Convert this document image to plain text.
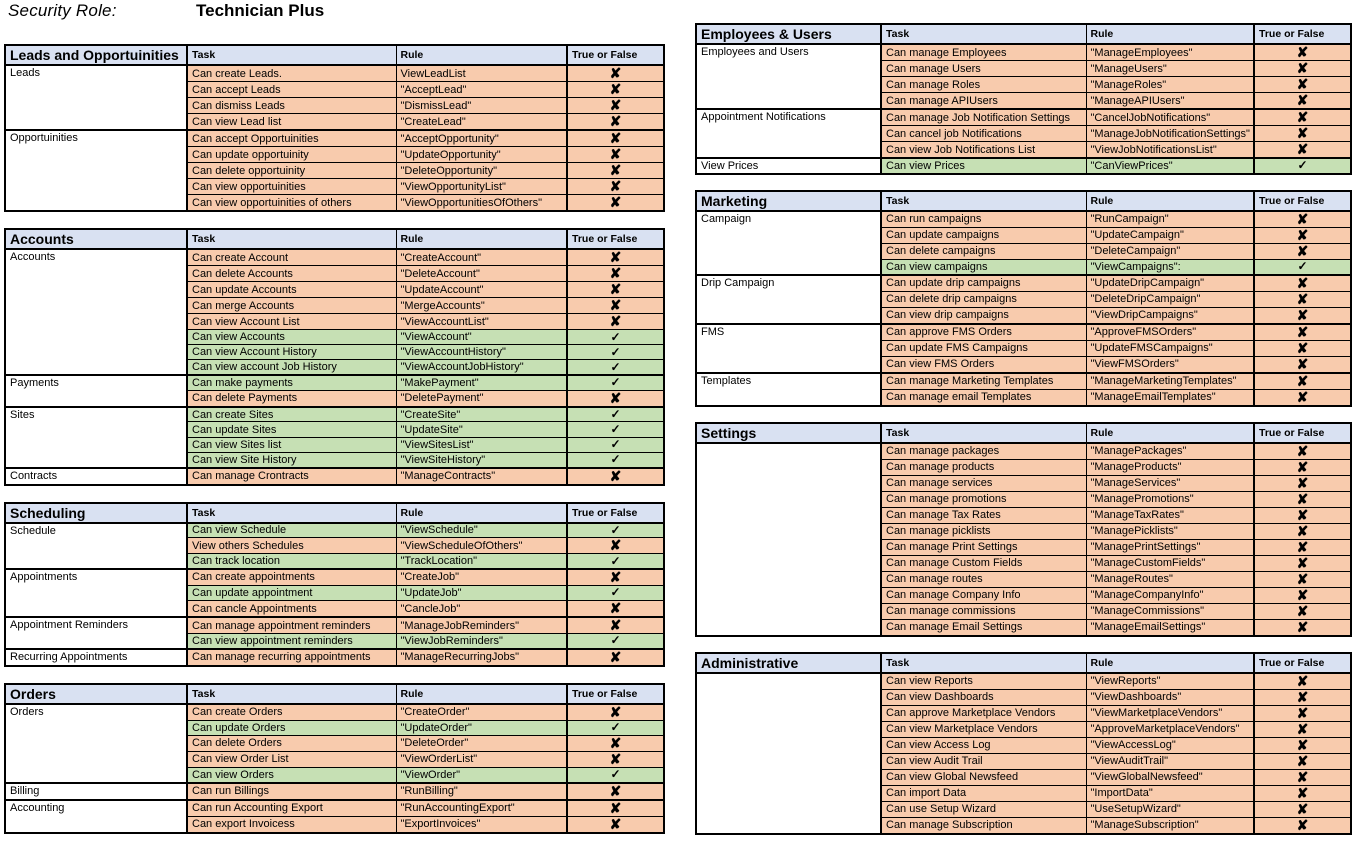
Security Role:	Technician Plus
Leads and Opportuinities	Task	Rule	True or False
Leads	Can create Leads.	ViewLeadList	✘
	Can accept Leads	"AcceptLead"	✘
	Can dismiss Leads	"DismissLead"	✘
	Can view Lead list	"CreateLead"	✘
Opportuinities	Can accept Opportuinities	"AcceptOpportunity"	✘
	Can update opportuinity	"UpdateOpportunity"	✘
	Can delete opportuinity	"DeleteOpportunity"	✘
	Can view opportuinities	"ViewOpportunityList"	✘
	Can view opportuinities of others	"ViewOpportunitiesOfOthers"	✘
Accounts	Task	Rule	True or False
Accounts	Can create Account	"CreateAccount"	✘
	Can delete Accounts	"DeleteAccount"	✘
	Can update Accounts	"UpdateAccount"	✘
	Can merge Accounts	"MergeAccounts"	✘
	Can view Account List	"ViewAccountList"	✘
	Can view Accounts	"ViewAccount"	✓
	Can view Account History	"ViewAccountHistory"	✓
	Can view account Job History	"ViewAccountJobHistory"	✓
Payments	Can make payments	"MakePayment"	✓
	Can delete Payments	"DeletePayment"	✘
Sites	Can create Sites	"CreateSite"	✓
	Can update Sites	"UpdateSite"	✓
	Can view Sites list	"ViewSitesList"	✓
	Can view Site History	"ViewSiteHistory"	✓
Contracts	Can manage Crontracts	"ManageContracts"	✘
Scheduling	Task	Rule	True or False
Schedule	Can view Schedule	"ViewSchedule"	✓
	View others Schedules	"ViewScheduleOfOthers"	✘
	Can track location	"TrackLocation"	✓
Appointments	Can create appointments	"CreateJob"	✘
	Can update appointment	"UpdateJob"	✓
	Can cancle Appointments	"CancleJob"	✘
Appointment Reminders	Can manage appointment reminders	"ManageJobReminders"	✘
	Can view appointment reminders	"ViewJobReminders"	✓
Recurring Appointments	Can manage recurring appointments	"ManageRecurringJobs"	✘
Orders	Task	Rule	True or False
Orders	Can create Orders	"CreateOrder"	✘
	Can update Orders	"UpdateOrder"	✓
	Can delete Orders	"DeleteOrder"	✘
	Can view Order List	"ViewOrderList"	✘
	Can view Orders	"ViewOrder"	✓
Billing	Can run Billings	"RunBilling"	✘
Accounting	Can run Accounting Export	"RunAccountingExport"	✘
	Can export Invoicess	"ExportInvoices"	✘
Employees & Users	Task	Rule	True or False
Employees and Users	Can manage Employees	"ManageEmployees"	✘
	Can manage Users	"ManageUsers"	✘
	Can manage Roles	"ManageRoles"	✘
	Can manage APIUsers	"ManageAPIUsers"	✘
Appointment Notifications	Can manage Job Notification Settings	"CancelJobNotifications"	✘
	Can cancel job Notifications	"ManageJobNotificationSettings"	✘
	Can view Job Notifications List	"ViewJobNotificationsList"	✘
View Prices	Can view Prices	"CanViewPrices"	✓
Marketing	Task	Rule	True or False
Campaign	Can run campaigns	"RunCampaign"	✘
	Can update campaigns	"UpdateCampaign"	✘
	Can delete campaigns	"DeleteCampaign"	✘
	Can view campaigns	"ViewCampaigns":	✓
Drip Campaign	Can update drip campaigns	"UpdateDripCampaign"	✘
	Can delete drip campaigns	"DeleteDripCampaign"	✘
	Can view drip campaigns	"ViewDripCampaigns"	✘
FMS	Can approve FMS Orders	"ApproveFMSOrders"	✘
	Can update FMS Campaigns	"UpdateFMSCampaigns"	✘
	Can view FMS Orders	"ViewFMSOrders"	✘
Templates	Can manage Marketing Templates	"ManageMarketingTemplates"	✘
	Can manage email Templates	"ManageEmailTemplates"	✘
Settings	Task	Rule	True or False
	Can manage packages	"ManagePackages"	✘
	Can manage products	"ManageProducts"	✘
	Can manage services	"ManageServices"	✘
	Can manage promotions	"ManagePromotions"	✘
	Can manage Tax Rates	"ManageTaxRates"	✘
	Can manage picklists	"ManagePicklists"	✘
	Can manage Print Settings	"ManagePrintSettings"	✘
	Can manage Custom Fields	"ManageCustomFields"	✘
	Can manage routes	"ManageRoutes"	✘
	Can manage Company Info	"ManageCompanyInfo"	✘
	Can manage commissions	"ManageCommissions"	✘
	Can manage Email Settings	"ManageEmailSettings"	✘
Administrative	Task	Rule	True or False
	Can view Reports	"ViewReports"	✘
	Can view Dashboards	"ViewDashboards"	✘
	Can approve Marketplace Vendors	"ViewMarketplaceVendors"	✘
	Can view Marketplace Vendors	"ApproveMarketplaceVendors"	✘
	Can view Access Log	"ViewAccessLog"	✘
	Can view Audit Trail	"ViewAuditTrail"	✘
	Can view Global Newsfeed	"ViewGlobalNewsfeed"	✘
	Can import Data	"ImportData"	✘
	Can use Setup Wizard	"UseSetupWizard"	✘
	Can manage Subscription	"ManageSubscription"	✘
